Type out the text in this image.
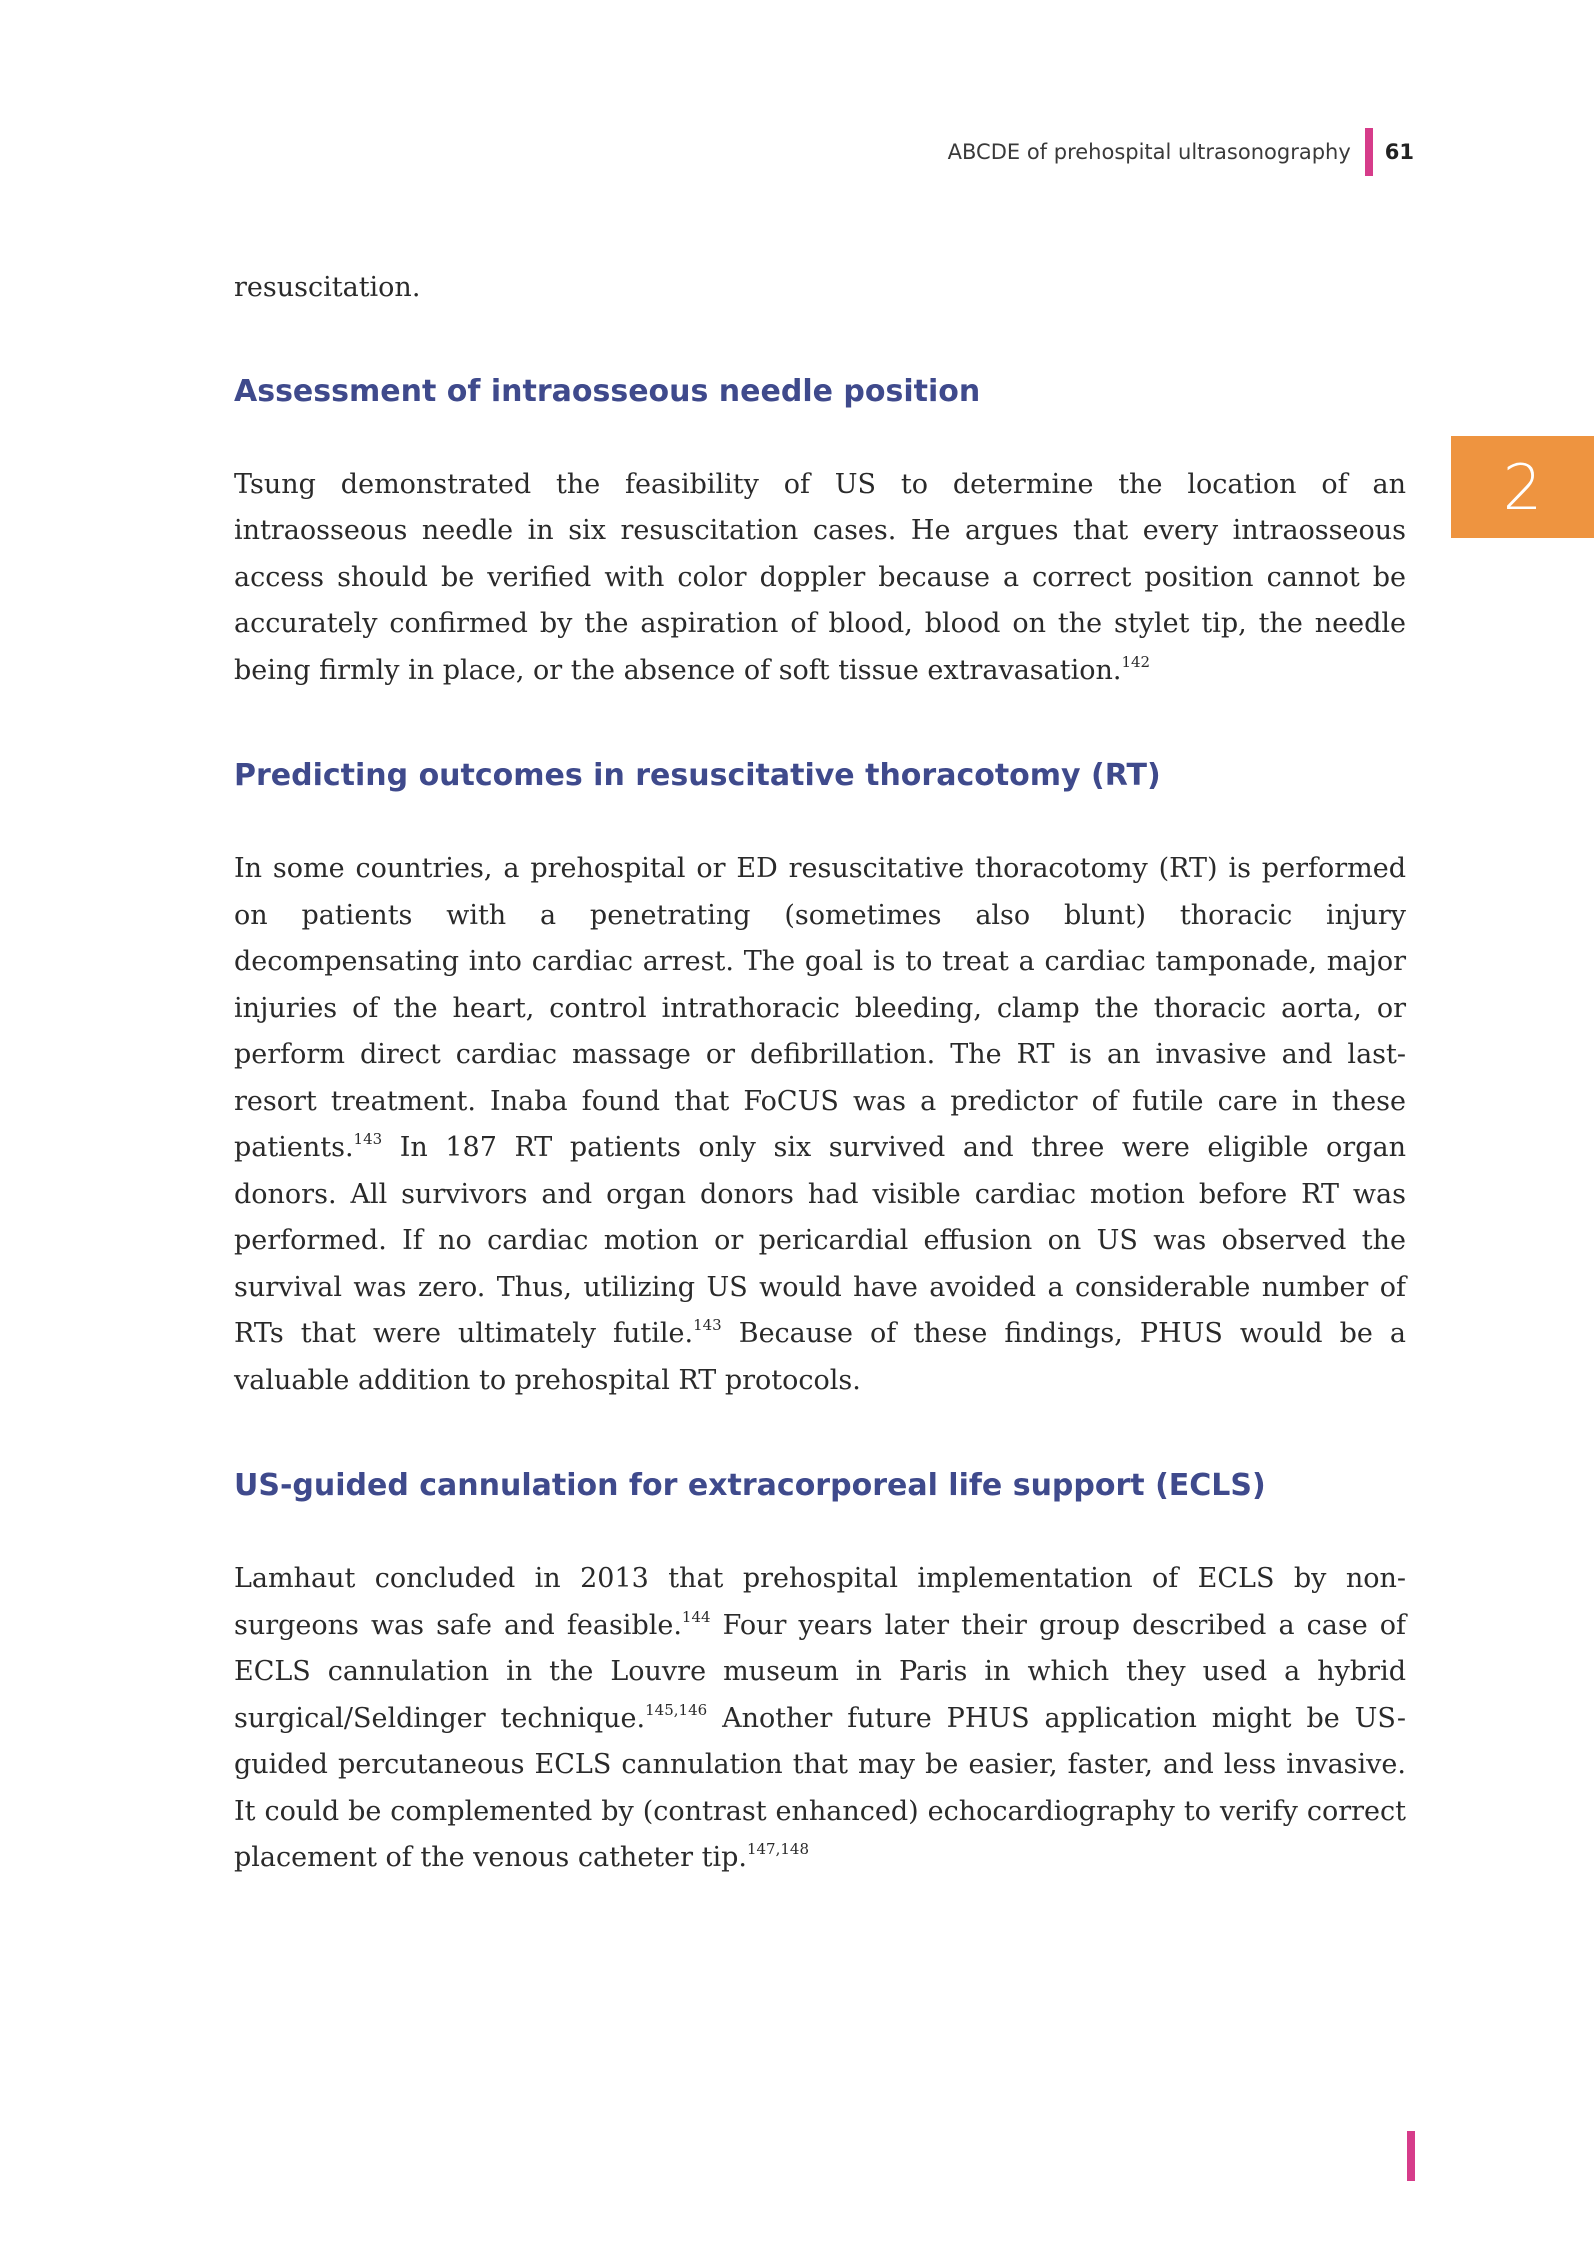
ABCDE of prehospital ultrasonography 61
2

resuscitation.

Assessment of intraosseous needle position

Tsung demonstrated the feasibility of US to determine the location of an intraosseous needle in six resuscitation cases. He argues that every intraosseous access should be verified with color doppler because a correct position cannot be accurately confirmed by the aspiration of blood, blood on the stylet tip, the needle being firmly in place, or the absence of soft tissue extravasation.$^{142}$

Predicting outcomes in resuscitative thoracotomy (RT)

In some countries, a prehospital or ED resuscitative thoracotomy (RT) is performed on patients with a penetrating (sometimes also blunt) thoracic injury decompensating into cardiac arrest. The goal is to treat a cardiac tamponade, major injuries of the heart, control intrathoracic bleeding, clamp the thoracic aorta, or perform direct cardiac massage or defibrillation. The RT is an invasive and last-resort treatment. Inaba found that FoCUS was a predictor of futile care in these patients.$^{143}$ In 187 RT patients only six survived and three were eligible organ donors. All survivors and organ donors had visible cardiac motion before RT was performed. If no cardiac motion or pericardial effusion on US was observed the survival was zero. Thus, utilizing US would have avoided a considerable number of RTs that were ultimately futile.$^{143}$ Because of these findings, PHUS would be a valuable addition to prehospital RT protocols.

US-guided cannulation for extracorporeal life support (ECLS)

Lamhaut concluded in 2013 that prehospital implementation of ECLS by non-surgeons was safe and feasible.$^{144}$ Four years later their group described a case of ECLS cannulation in the Louvre museum in Paris in which they used a hybrid surgical/Seldinger technique.$^{145,146}$ Another future PHUS application might be US-guided percutaneous ECLS cannulation that may be easier, faster, and less invasive. It could be complemented by (contrast enhanced) echocardiography to verify correct placement of the venous catheter tip.$^{147,148}$
